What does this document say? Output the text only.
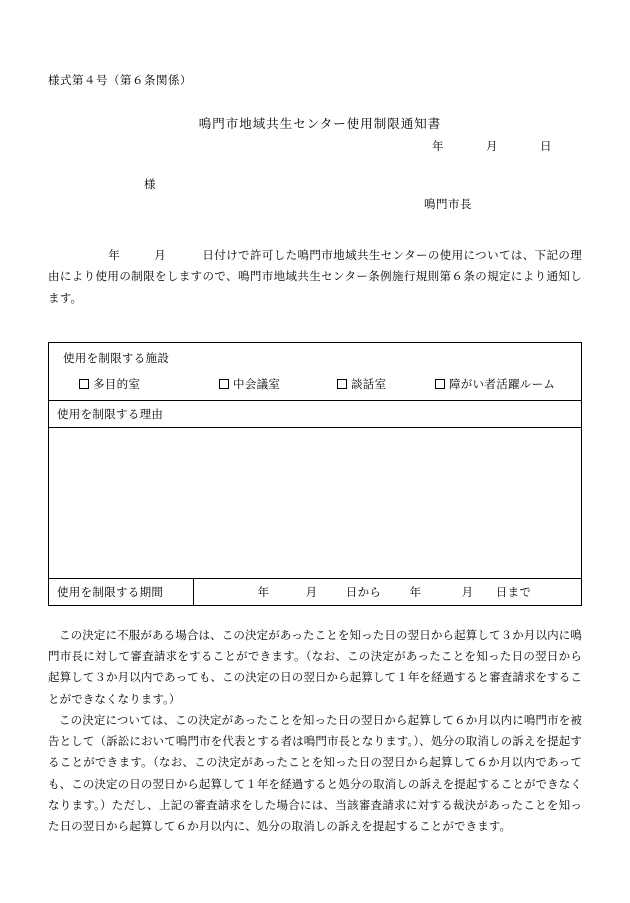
様式第４号（第６条関係）
鳴門市地域共生センター使用制限通知書
年	月	日
様
鳴門市長
年	月	日付けで許可した鳴門市地域共生センターの使用については、下記の理由により使用の制限をしますので、鳴門市地域共生センター条例施行規則第６条の規定により通知します。
使用を制限する施設

多目的室	中会議室	談話室	障がい者活躍ルーム

使用を制限する理由

使用を制限する期間	年	月 日から 年	月 日まで

この決定に不服がある場合は、この決定があったことを知った日の翌日から起算して３か月以内に鳴門市長に対して審査請求をすることができます。（なお、この決定があったことを知った日の翌日から起算して３か月以内であっても、この決定の日の翌日から起算して１年を経過すると審査請求をすることができなくなります。）

この決定については、この決定があったことを知った日の翌日から起算して６か月以内に鳴門市を被告として（訴訟において鳴門市を代表とする者は鳴門市長となります。）、処分の取消しの訴えを提起することができます。（なお、この決定があったことを知った日の翌日から起算して６か月以内であっても、この決定の日の翌日から起算して１年を経過すると処分の取消しの訴えを提起することができなくなります。）ただし、上記の審査請求をした場合には、当該審査請求に対する裁決があったことを知った日の翌日から起算して６か月以内に、処分の取消しの訴えを提起することができます。
